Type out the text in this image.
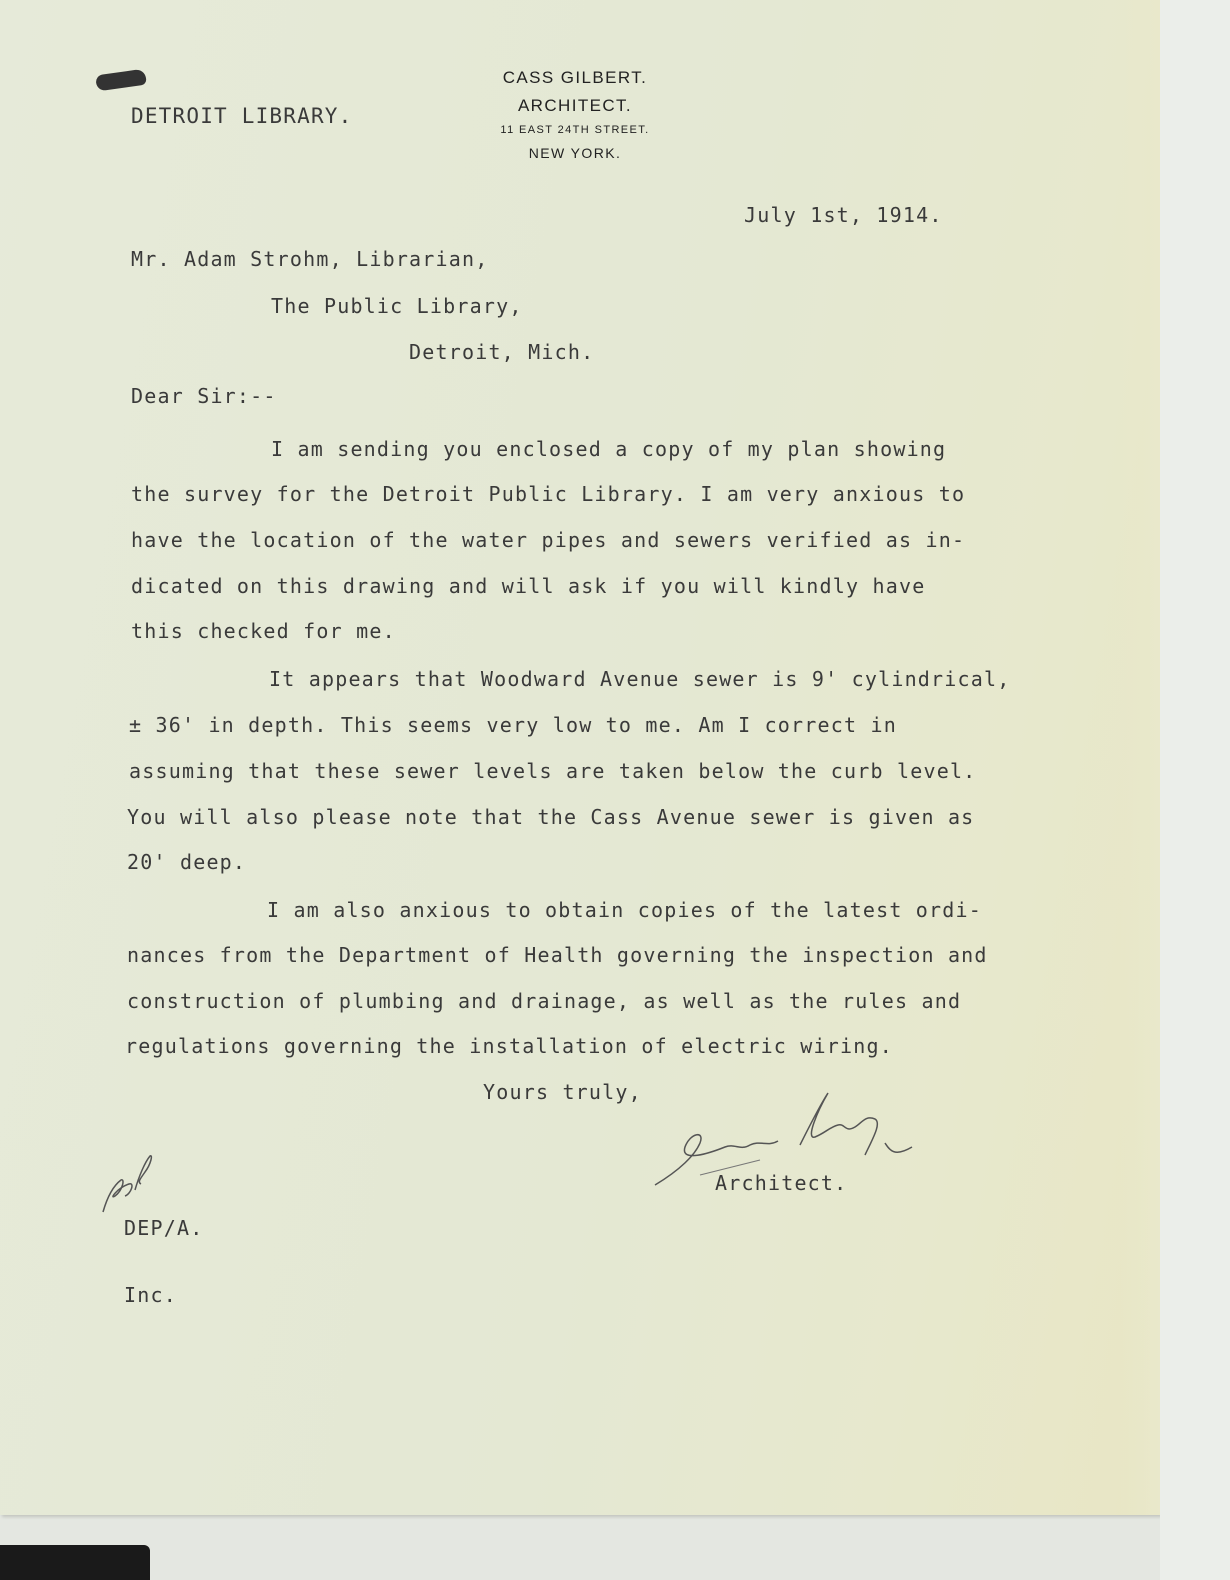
DETROIT LIBRARY.
CASS GILBERT.
ARCHITECT.
11 EAST 24TH STREET.
NEW YORK.
July 1st, 1914.
Mr. Adam Strohm, Librarian,
The Public Library,
Detroit, Mich.
Dear Sir:--
I am sending you enclosed a copy of my plan showing
the survey for the Detroit Public Library. I am very anxious to
have the location of the water pipes and sewers verified as in-
dicated on this drawing and will ask if you will kindly have
this checked for me.
It appears that Woodward Avenue sewer is 9' cylindrical,
± 36' in depth. This seems very low to me. Am I correct in
assuming that these sewer levels are taken below the curb level.
You will also please note that the Cass Avenue sewer is given as
20' deep.
I am also anxious to obtain copies of the latest ordi-
nances from the Department of Health governing the inspection and
construction of plumbing and drainage, as well as the rules and
regulations governing the installation of electric wiring.
Yours truly,
Architect.
DEP/A.
Inc.
